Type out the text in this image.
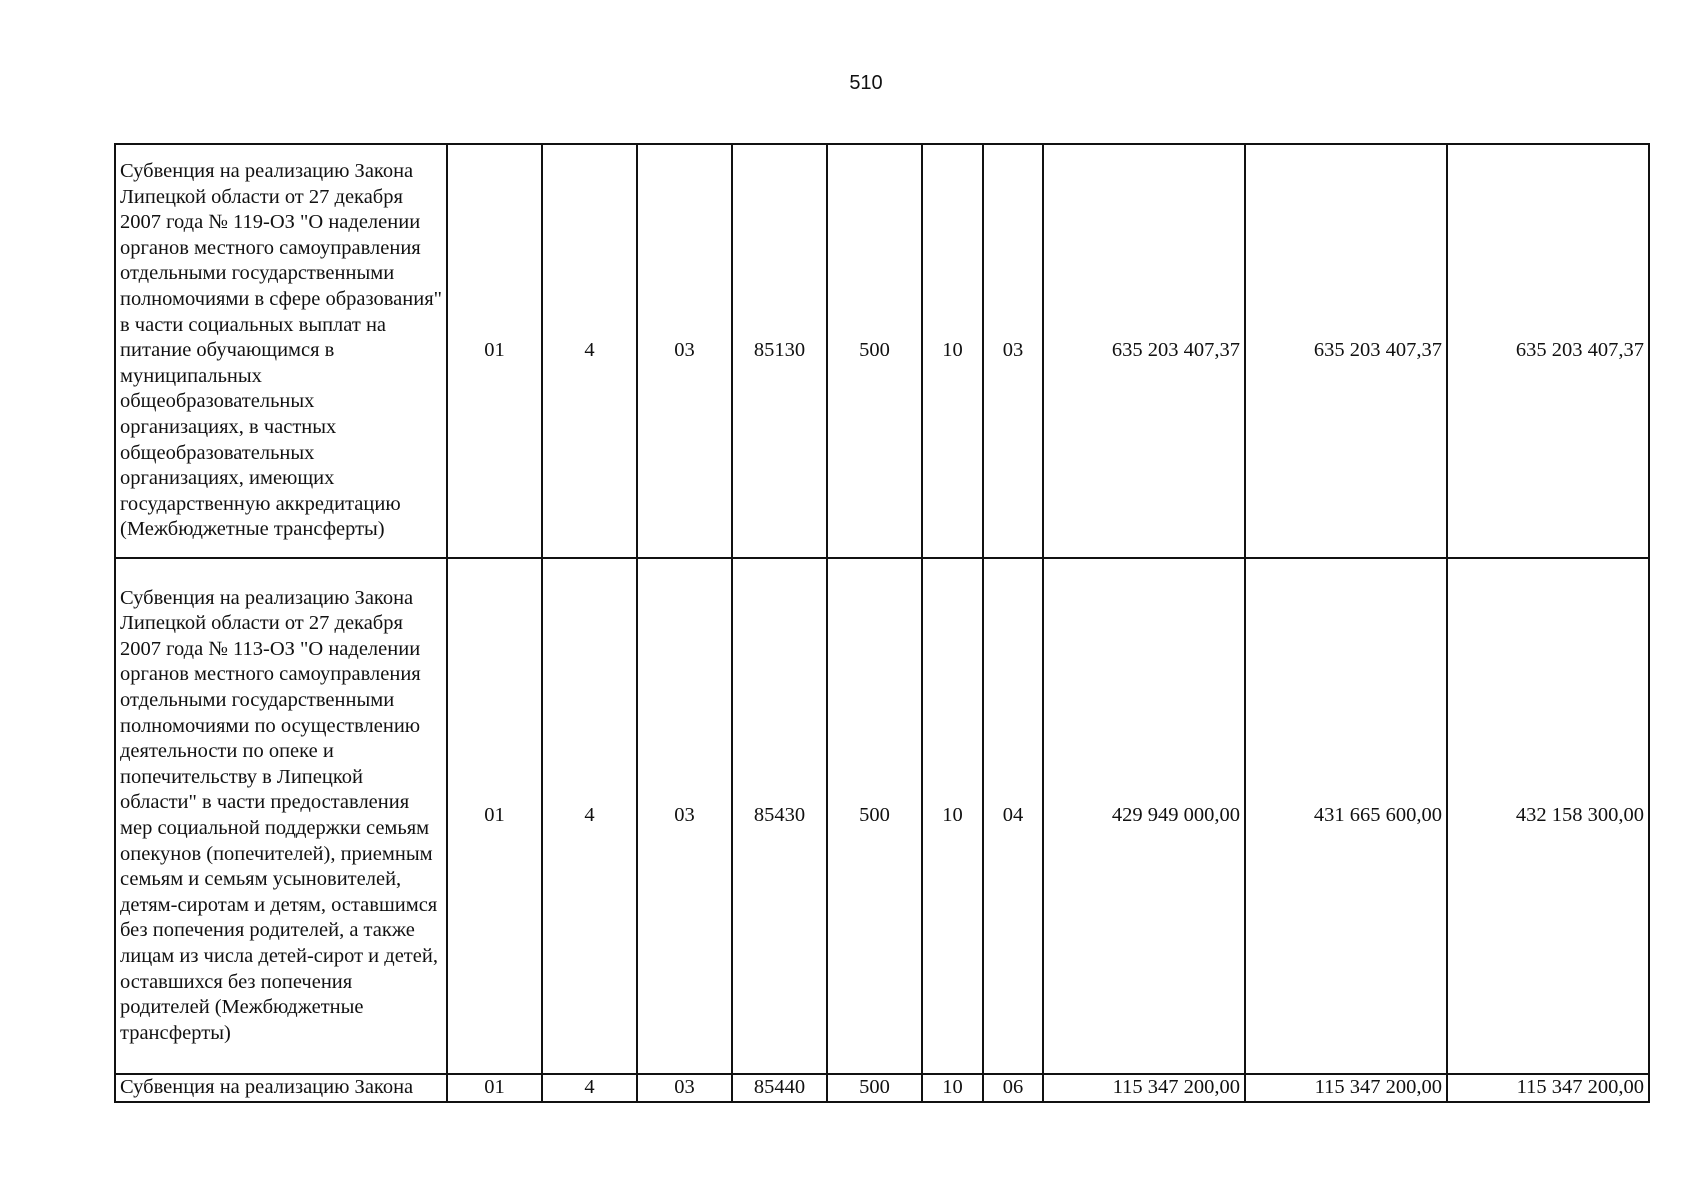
510
Субвенция на реализацию Закона Липецкой области от 27 декабря 2007 года № 119-ОЗ "О наделении органов местного самоуправления отдельными государственными полномочиями в сфере образования" в части социальных выплат на питание обучающимся в муниципальных общеобразовательных организациях, в частных общеобразовательных организациях, имеющих государственную аккредитацию (Межбюджетные трансферты)	01	4	03	85130	500	10	03	635 203 407,37	635 203 407,37	635 203 407,37
Субвенция на реализацию Закона Липецкой области от 27 декабря 2007 года № 113-ОЗ "О наделении органов местного самоуправления отдельными государственными полномочиями по осуществлению деятельности по опеке и попечительству в Липецкой области" в части предоставления мер социальной поддержки семьям опекунов (попечителей), приемным семьям и семьям усыновителей, детям-сиротам и детям, оставшимся без попечения родителей, а также лицам из числа детей-сирот и детей, оставшихся без попечения родителей (Межбюджетные трансферты)	01	4	03	85430	500	10	04	429 949 000,00	431 665 600,00	432 158 300,00
Субвенция на реализацию Закона	01	4	03	85440	500	10	06	115 347 200,00	115 347 200,00	115 347 200,00
